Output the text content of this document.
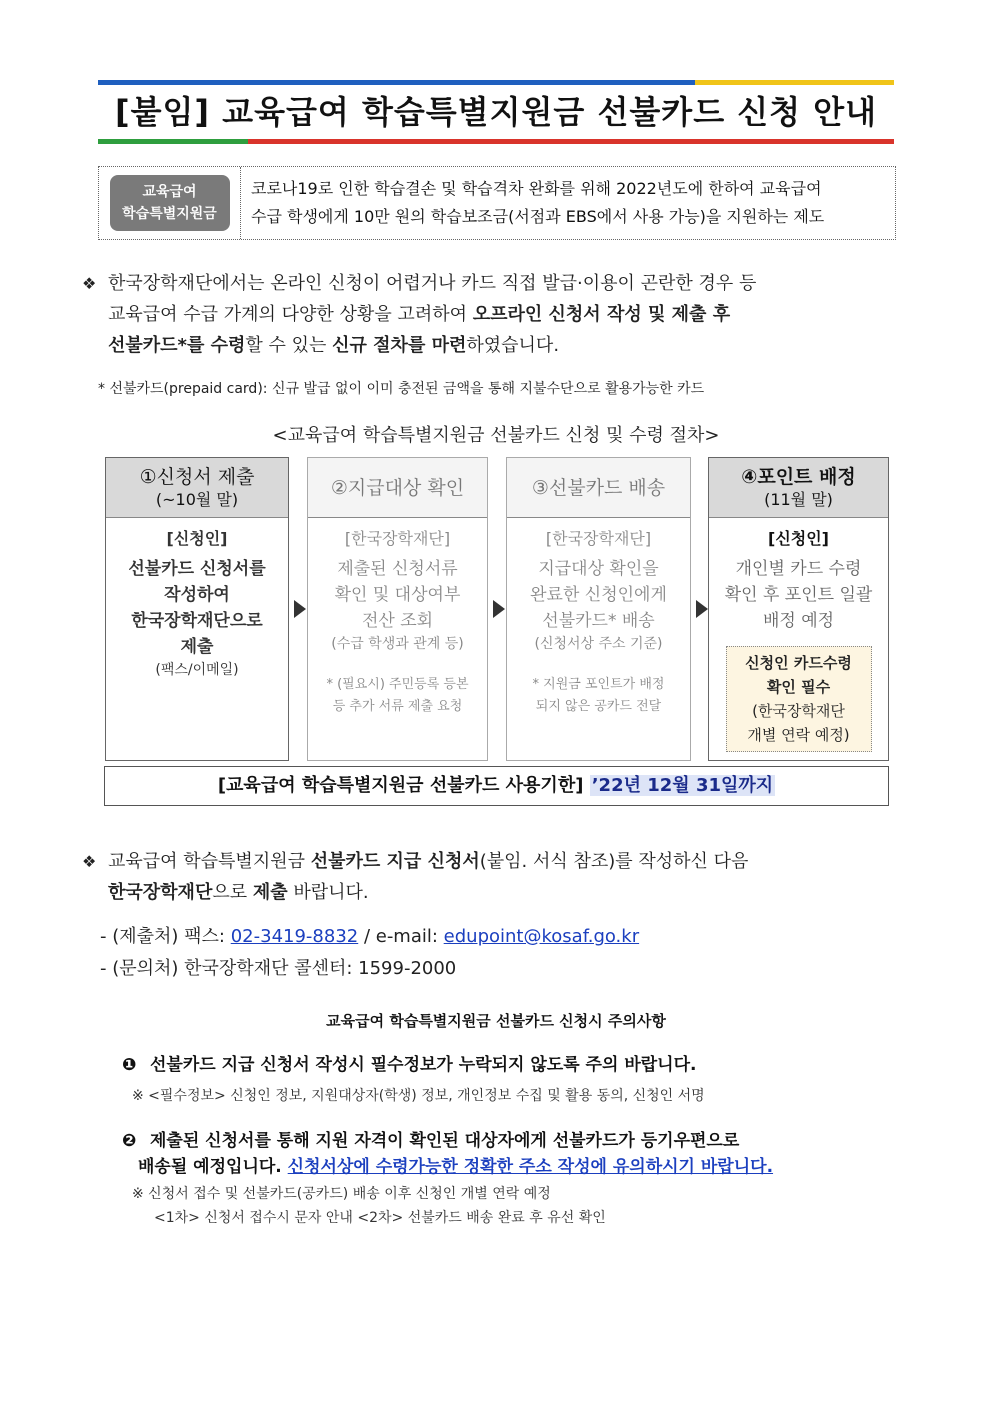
[붙임] 교육급여 학습특별지원금 선불카드 신청 안내
교육급여
학습특별지원금
코로나19로 인한 학습결손 및 학습격차 완화를 위해 2022년도에 한하여 교육급여
수급 학생에게 10만 원의 학습보조금(서점과 EBS에서 사용 가능)을 지원하는 제도
❖ 한국장학재단에서는 온라인 신청이 어렵거나 카드 직접 발급·이용이 곤란한 경우 등
교육급여 수급 가계의 다양한 상황을 고려하여 오프라인 신청서 작성 및 제출 후
선불카드*를 수령할 수 있는 신규 절차를 마련하였습니다.
* 선불카드(prepaid card): 신규 발급 없이 이미 충전된 금액을 통해 지불수단으로 활용가능한 카드
<교육급여 학습특별지원금 선불카드 신청 및 수령 절차>
①신청서 제출
(~10월 말)
[신청인]
선불카드 신청서를
작성하여
한국장학재단으로
제출
(팩스/이메일)
②지급대상 확인
[한국장학재단]
제출된 신청서류
확인 및 대상여부
전산 조회
(수급 학생과 관계 등)
* (필요시) 주민등록 등본
등 추가 서류 제출 요청
③선불카드 배송
[한국장학재단]
지급대상 확인을
완료한 신청인에게
선불카드* 배송
(신청서상 주소 기준)
* 지원금 포인트가 배정
되지 않은 공카드 전달
④포인트 배정
(11월 말)
[신청인]
개인별 카드 수령
확인 후 포인트 일괄
배정 예정
신청인 카드수령
확인 필수
(한국장학재단
개별 연락 예정)
[교육급여 학습특별지원금 선불카드 사용기한] ’22년 12월 31일까지
❖ 교육급여 학습특별지원금 선불카드 지급 신청서(붙임. 서식 참조)를 작성하신 다음
한국장학재단으로 제출 바랍니다.
- (제출처) 팩스: 02-3419-8832 / e-mail: edupoint@kosaf.go.kr
- (문의처) 한국장학재단 콜센터: 1599-2000
교육급여 학습특별지원금 선불카드 신청시 주의사항
❶ 선불카드 지급 신청서 작성시 필수정보가 누락되지 않도록 주의 바랍니다.
※ <필수정보> 신청인 정보, 지원대상자(학생) 정보, 개인정보 수집 및 활용 동의, 신청인 서명
❷ 제출된 신청서를 통해 지원 자격이 확인된 대상자에게 선불카드가 등기우편으로
배송될 예정입니다. 신청서상에 수령가능한 정확한 주소 작성에 유의하시기 바랍니다.
※ 신청서 접수 및 선불카드(공카드) 배송 이후 신청인 개별 연락 예정
<1차> 신청서 접수시 문자 안내 <2차> 선불카드 배송 완료 후 유선 확인
